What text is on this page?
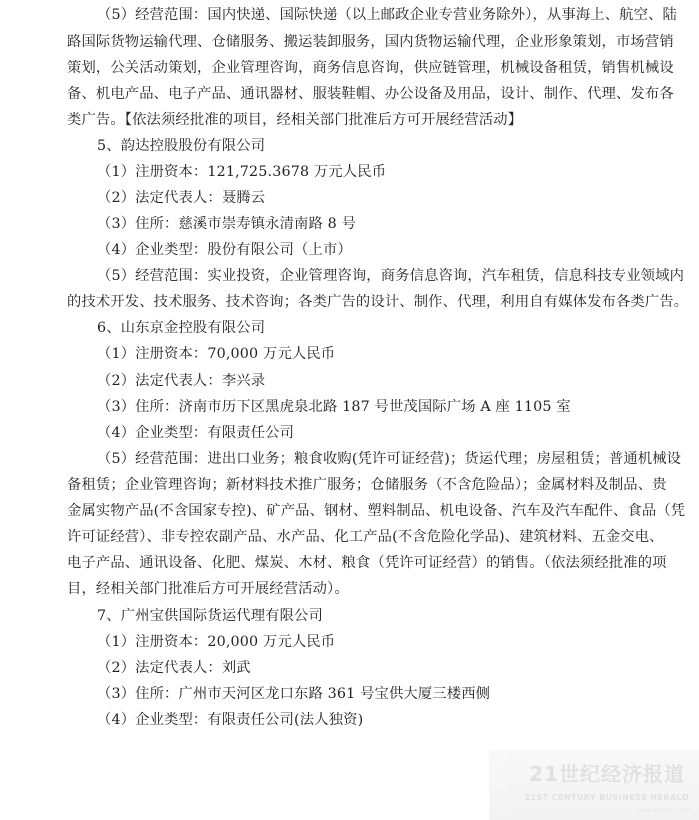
（5）经营范围：国内快递、国际快递（以上邮政企业专营业务除外），从事海上、航空、陆
路国际货物运输代理、仓储服务、搬运装卸服务，国内货物运输代理，企业形象策划，市场营销
策划，公关活动策划，企业管理咨询，商务信息咨询，供应链管理，机械设备租赁，销售机械设
备、机电产品、电子产品、通讯器材、服装鞋帽、办公设备及用品，设计、制作、代理、发布各
类广告。【依法须经批准的项目，经相关部门批准后方可开展经营活动】
5、韵达控股股份有限公司
（1）注册资本：121,725.3678 万元人民币
（2）法定代表人：聂腾云
（3）住所：慈溪市崇寿镇永清南路 8 号
（4）企业类型：股份有限公司（上市）
（5）经营范围：实业投资，企业管理咨询，商务信息咨询，汽车租赁，信息科技专业领域内
的技术开发、技术服务、技术咨询；各类广告的设计、制作、代理，利用自有媒体发布各类广告。
6、山东京金控股有限公司
（1）注册资本：70,000 万元人民币
（2）法定代表人：李兴录
（3）住所：济南市历下区黑虎泉北路 187 号世茂国际广场 A 座 1105 室
（4）企业类型：有限责任公司
（5）经营范围：进出口业务；粮食收购(凭许可证经营)；货运代理；房屋租赁；普通机械设
备租赁；企业管理咨询；新材料技术推广服务；仓储服务（不含危险品）；金属材料及制品、贵
金属实物产品(不含国家专控)、矿产品、钢材、塑料制品、机电设备、汽车及汽车配件、食品（凭
许可证经营）、非专控农副产品、水产品、化工产品(不含危险化学品)、建筑材料、五金交电、
电子产品、通讯设备、化肥、煤炭、木材、粮食（凭许可证经营）的销售。（依法须经批准的项
目，经相关部门批准后方可开展经营活动）。
7、广州宝供国际货运代理有限公司
（1）注册资本：20,000 万元人民币
（2）法定代表人：刘武
（3）住所：广州市天河区龙口东路 361 号宝供大厦三楼西侧
（4）企业类型：有限责任公司(法人独资)
21世纪经济报道
21ST CENTURY BUSINESS HERALD
www.21jingji.com
